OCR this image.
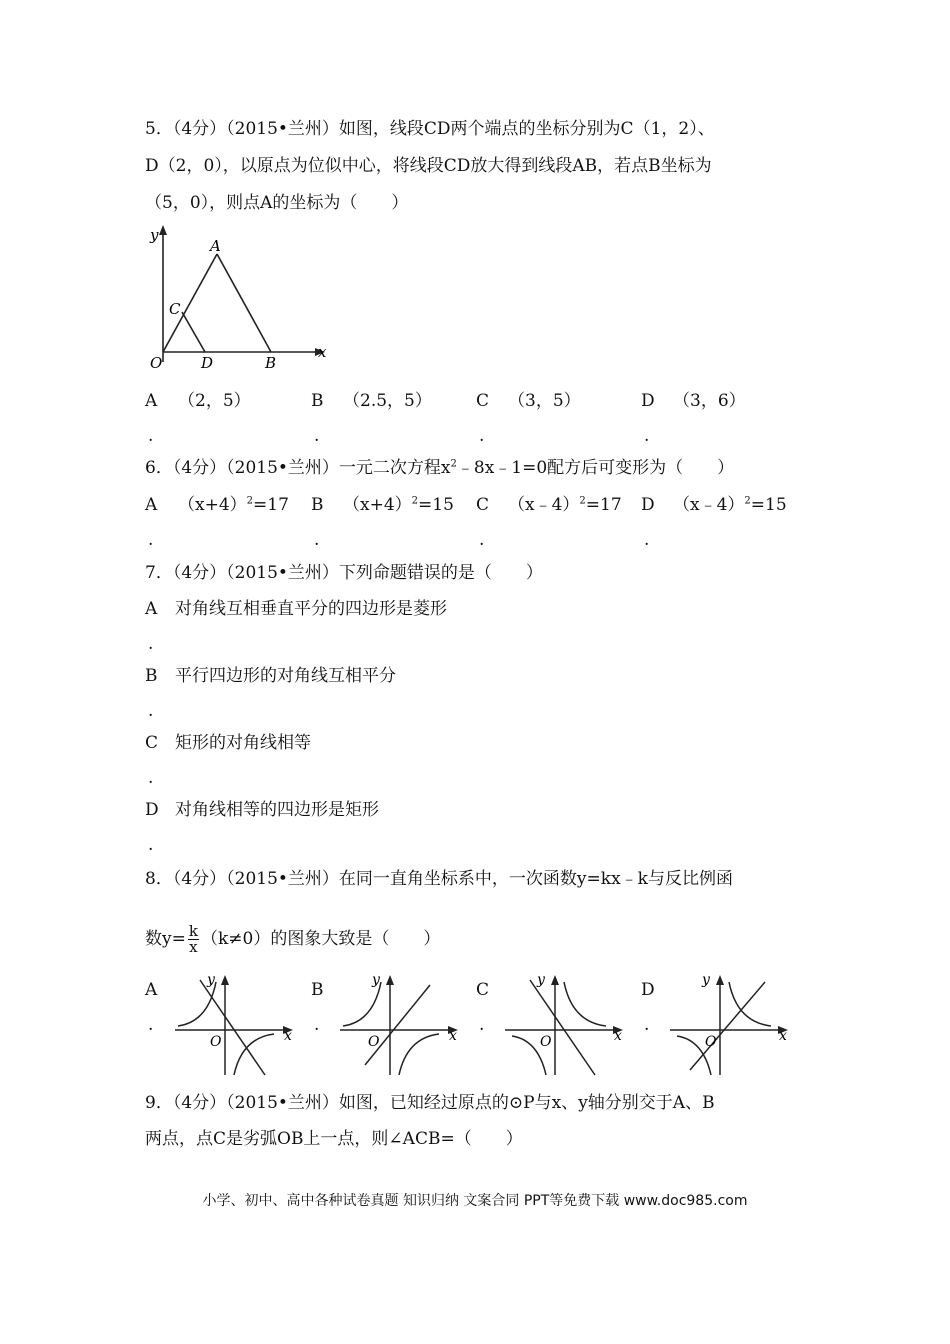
5．（4分）（2015•兰州）如图，线段CD两个端点的坐标分别为C（1，2）、
D（2，0），以原点为位似中心，将线段CD放大得到线段AB，若点B坐标为
（5，0），则点A的坐标为（　　）
y
x
O
A
B
C
D
A （2，5）
.
B （2.5，5）
.
C （3，5）
.
D （3，6）
.
6．（4分）（2015•兰州）一元二次方程$x^2﹣8x﹣1=0$配方后可变形为（　　）
A $(x+4)^2=17$
.
B $(x+4)^2=15$
.
C （x﹣4）$^2$=17
.
D （x﹣4）$^2$=15
.
7．（4分）（2015•兰州）下列命题错误的是（　　）
A 对角线互相垂直平分的四边形是菱形
.
B 平行四边形的对角线互相平分
.
C 矩形的对角线相等
.
D 对角线相等的四边形是矩形
.
8．（4分）（2015•兰州）在同一直角坐标系中，一次函数y=kx﹣k与反比例函
数$y= \frac{k}{x} (k\ne 0)$的图象大致是（　　）
A
.
y
x
O
B
.
y
x
O
C
.
y
x
O
D
.
y
x
O
9．（4分）（2015•兰州）如图，已知经过原点的⊙P与x、y轴分别交于A、B
两点，点C是劣弧OB上一点，则∠ACB=（　　）
小学、初中、高中各种试卷真题 知识归纳 文案合同 PPT等免费下载 www.doc985.com
